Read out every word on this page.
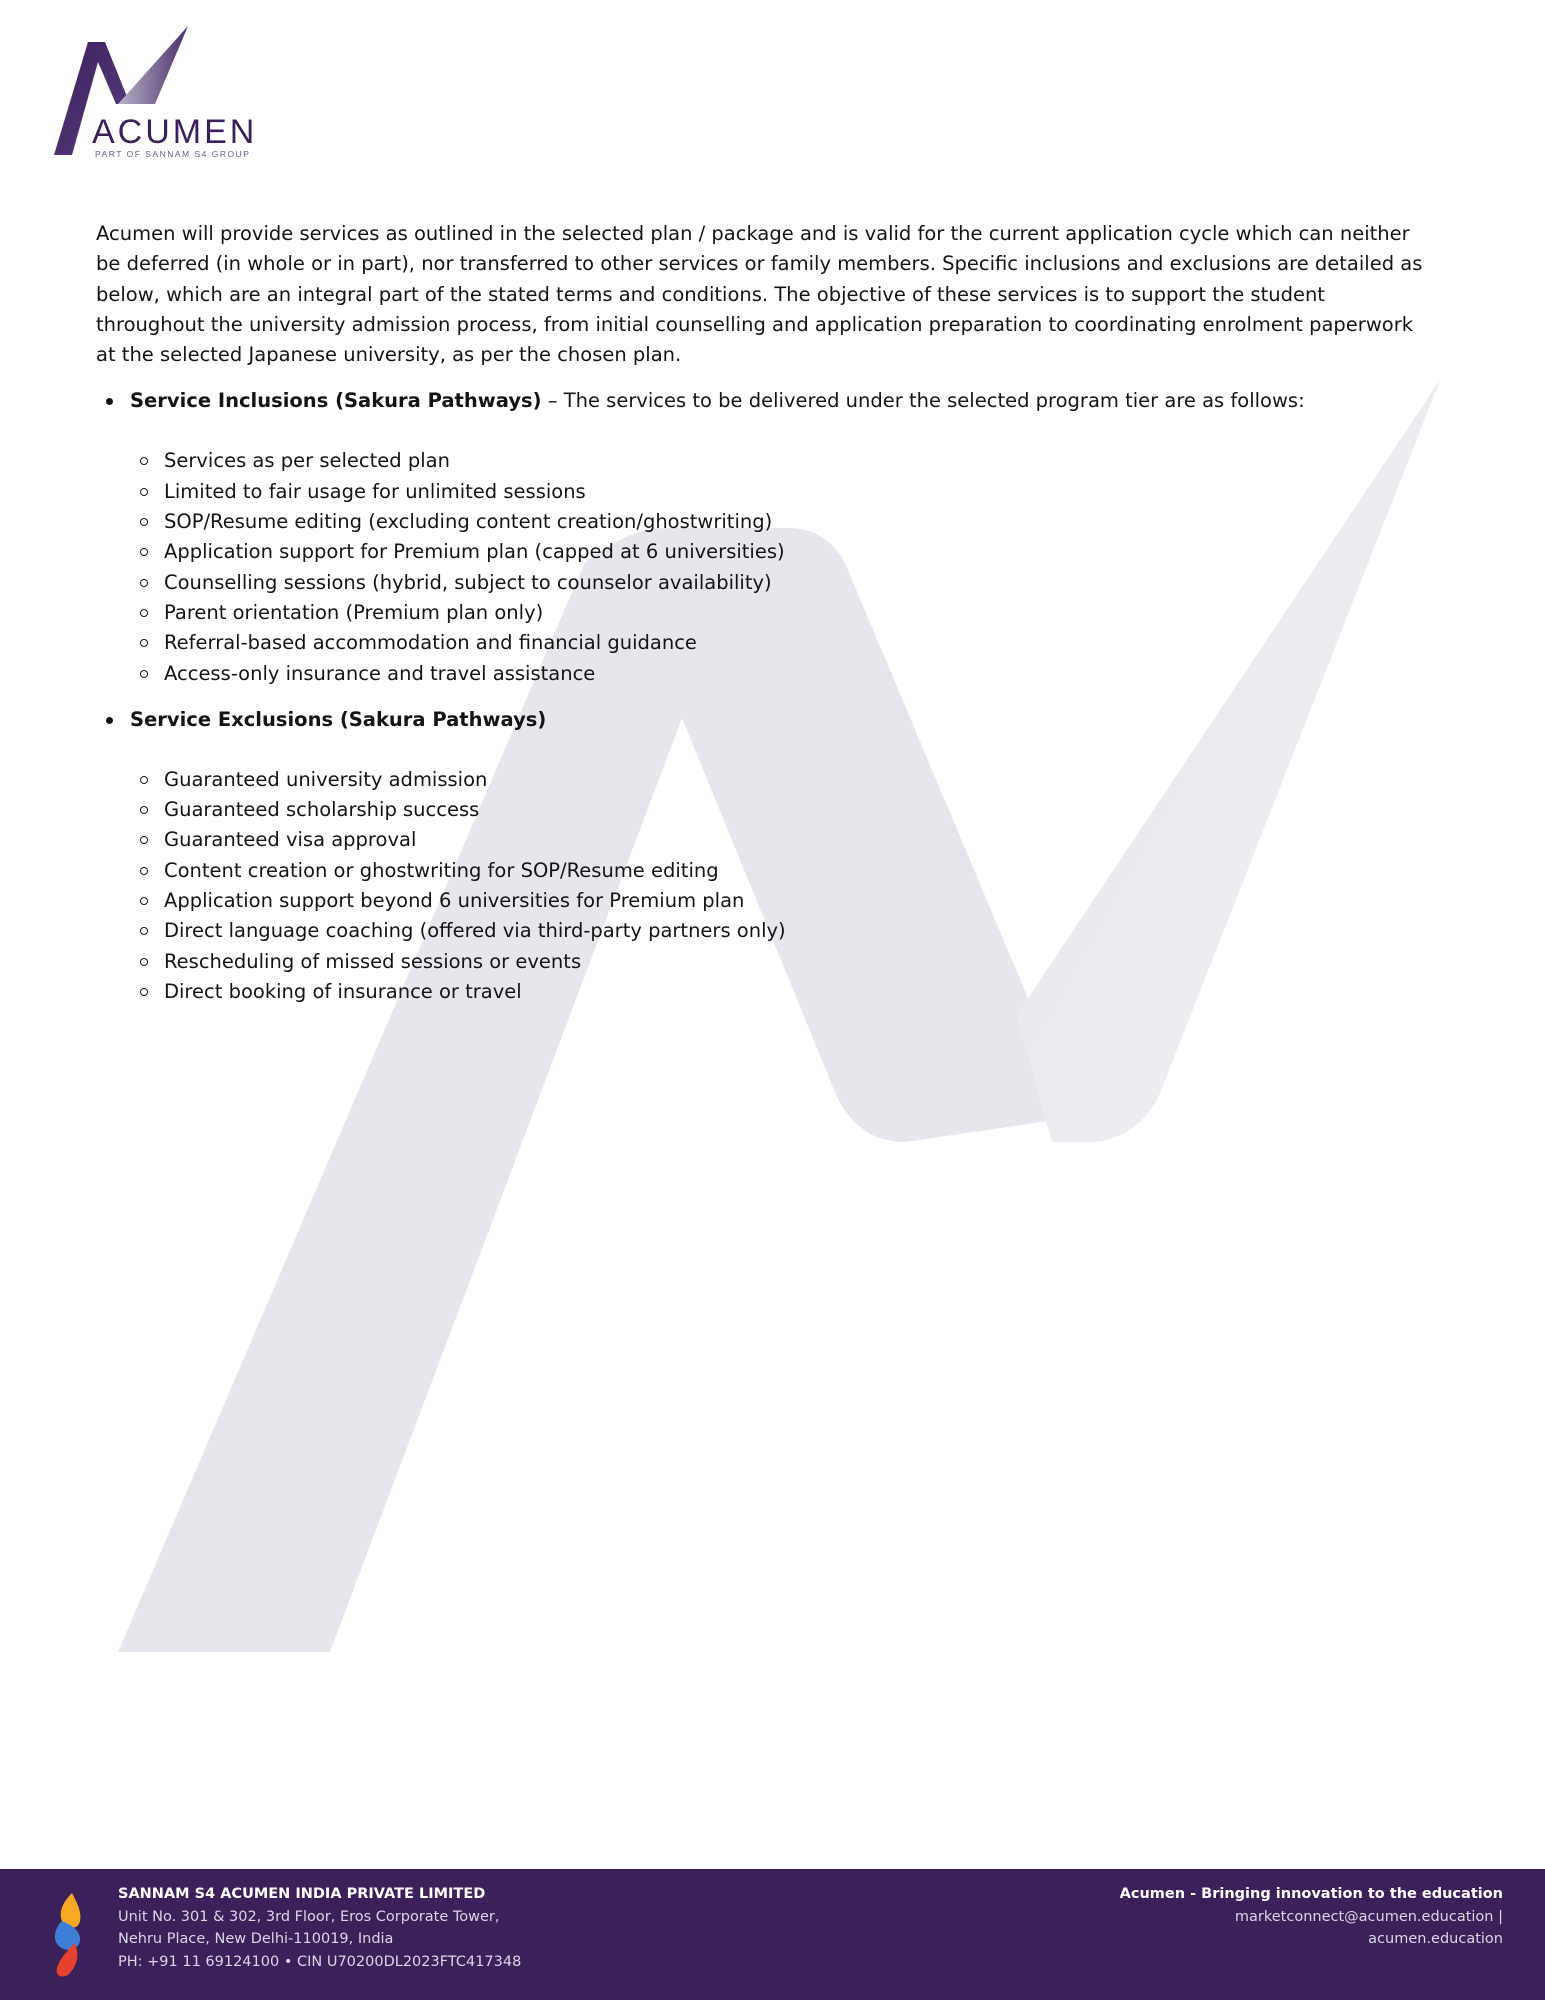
ACUMEN
PART OF SANNAM S4 GROUP

Acumen will provide services as outlined in the selected plan / package and is valid for the current application cycle which can neither be deferred (in whole or in part), nor transferred to other services or family members. Specific inclusions and exclusions are detailed as below, which are an integral part of the stated terms and conditions. The objective of these services is to support the student throughout the university admission process, from initial counselling and application preparation to coordinating enrolment paperwork at the selected Japanese university, as per the chosen plan.

Service Inclusions (Sakura Pathways) – The services to be delivered under the selected program tier are as follows:
Services as per selected plan
Limited to fair usage for unlimited sessions
SOP/Resume editing (excluding content creation/ghostwriting)
Application support for Premium plan (capped at 6 universities)
Counselling sessions (hybrid, subject to counselor availability)
Parent orientation (Premium plan only)
Referral-based accommodation and financial guidance
Access-only insurance and travel assistance
Service Exclusions (Sakura Pathways)
Guaranteed university admission
Guaranteed scholarship success
Guaranteed visa approval
Content creation or ghostwriting for SOP/Resume editing
Application support beyond 6 universities for Premium plan
Direct language coaching (offered via third-party partners only)
Rescheduling of missed sessions or events
Direct booking of insurance or travel
SANNAM S4 ACUMEN INDIA PRIVATE LIMITED
Unit No. 301 & 302, 3rd Floor, Eros Corporate Tower,
Nehru Place, New Delhi-110019, India
PH: +91 11 69124100 • CIN U70200DL2023FTC417348
Acumen - Bringing innovation to the education
marketconnect@acumen.education |
acumen.education
